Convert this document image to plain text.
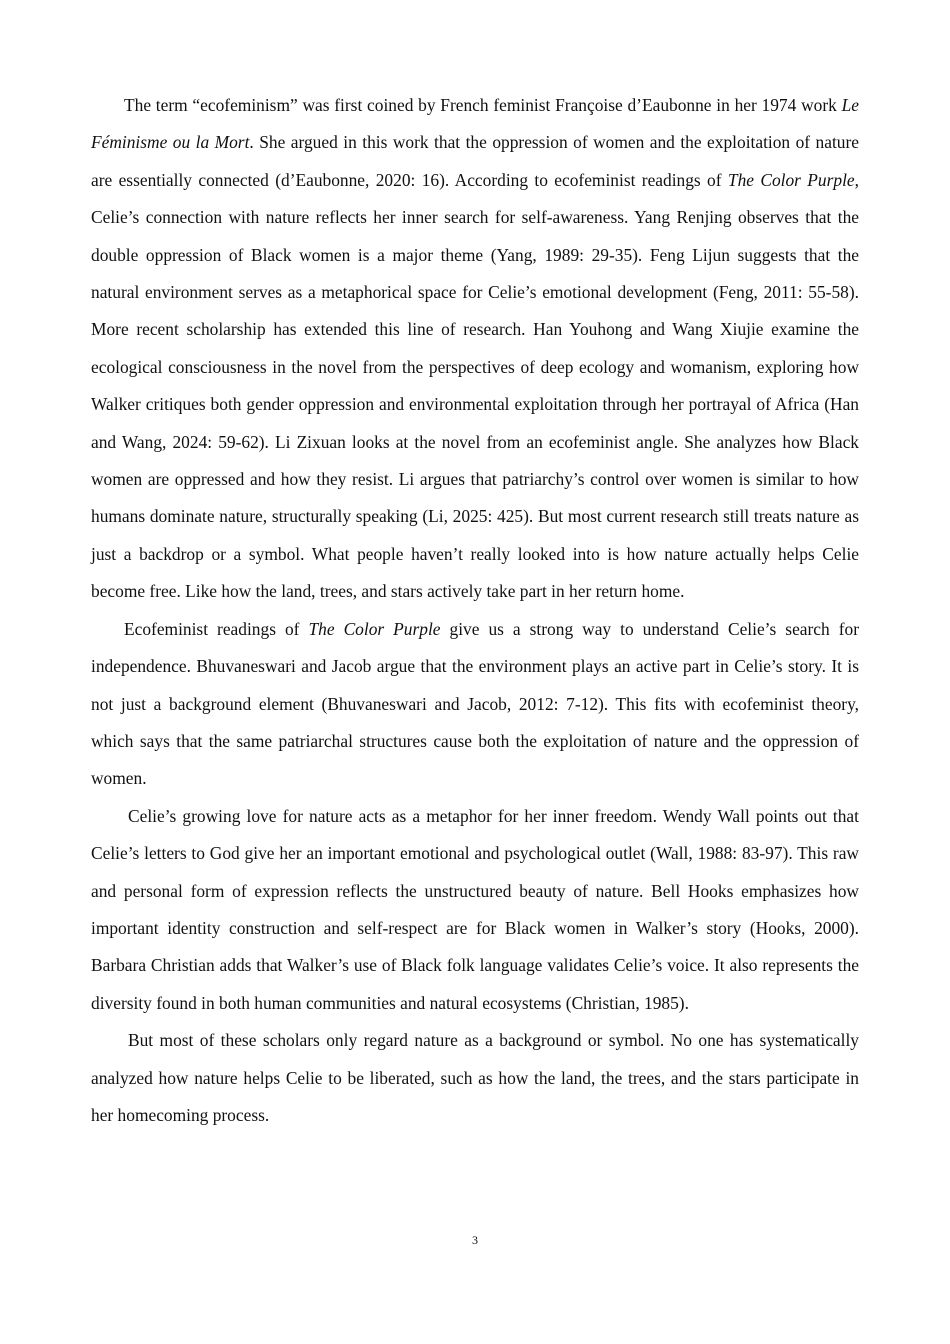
The term “ecofeminism” was first coined by French feminist Françoise d’Eaubonne in her 1974 work Le Féminisme ou la Mort. She argued in this work that the oppression of women and the exploitation of nature are essentially connected (d’Eaubonne, 2020: 16). According to ecofeminist readings of The Color Purple, Celie’s connection with nature reflects her inner search for self-awareness. Yang Renjing observes that the double oppression of Black women is a major theme (Yang, 1989: 29-35). Feng Lijun suggests that the natural environment serves as a metaphorical space for Celie’s emotional development (Feng, 2011: 55-58). More recent scholarship has extended this line of research. Han Youhong and Wang Xiujie examine the ecological consciousness in the novel from the perspectives of deep ecology and womanism, exploring how Walker critiques both gender oppression and environmental exploitation through her portrayal of Africa (Han and Wang, 2024: 59-62). Li Zixuan looks at the novel from an ecofeminist angle. She analyzes how Black women are oppressed and how they resist. Li argues that patriarchy’s control over women is similar to how humans dominate nature, structurally speaking (Li, 2025: 425). But most current research still treats nature as just a backdrop or a symbol. What people haven’t really looked into is how nature actually helps Celie become free. Like how the land, trees, and stars actively take part in her return home.

Ecofeminist readings of The Color Purple give us a strong way to understand Celie’s search for independence. Bhuvaneswari and Jacob argue that the environment plays an active part in Celie’s story. It is not just a background element (Bhuvaneswari and Jacob, 2012: 7-12). This fits with ecofeminist theory, which says that the same patriarchal structures cause both the exploitation of nature and the oppression of women.

Celie’s growing love for nature acts as a metaphor for her inner freedom. Wendy Wall points out that Celie’s letters to God give her an important emotional and psychological outlet (Wall, 1988: 83-97). This raw and personal form of expression reflects the unstructured beauty of nature. Bell Hooks emphasizes how important identity construction and self-respect are for Black women in Walker’s story (Hooks, 2000). Barbara Christian adds that Walker’s use of Black folk language validates Celie’s voice. It also represents the diversity found in both human communities and natural ecosystems (Christian, 1985).

But most of these scholars only regard nature as a background or symbol. No one has systematically analyzed how nature helps Celie to be liberated, such as how the land, the trees, and the stars participate in her homecoming process.

3
